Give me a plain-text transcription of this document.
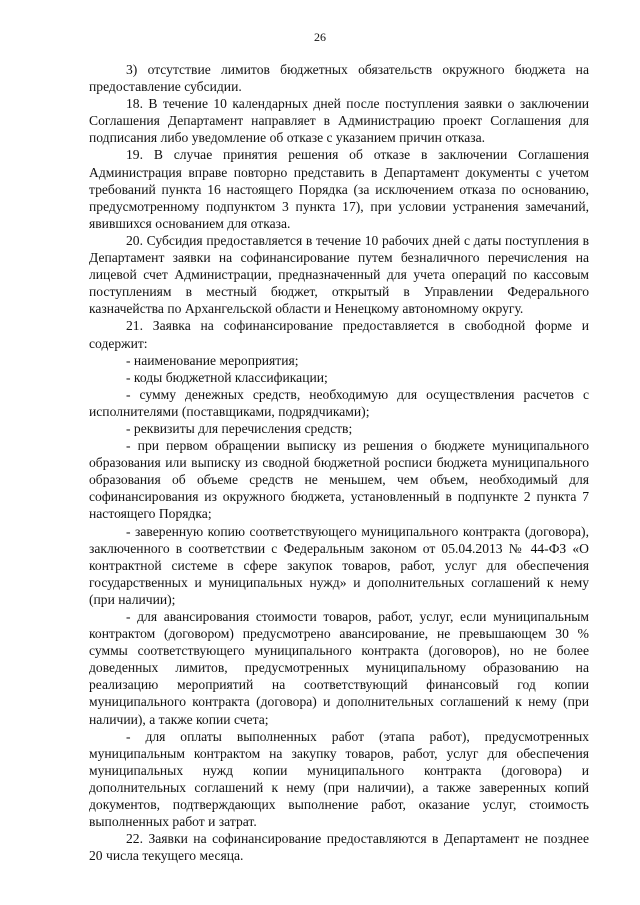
26

3) отсутствие лимитов бюджетных обязательств окружного бюджета на предоставление субсидии.

18. В течение 10 календарных дней после поступления заявки о заключении Соглашения Департамент направляет в Администрацию проект Соглашения для подписания либо уведомление об отказе с указанием причин отказа.

19. В случае принятия решения об отказе в заключении Соглашения Администрация вправе повторно представить в Департамент документы с учетом требований пункта 16 настоящего Порядка (за исключением отказа по основанию, предусмотренному подпунктом 3 пункта 17), при условии устранения замечаний, явившихся основанием для отказа.

20. Субсидия предоставляется в течение 10 рабочих дней с даты поступления в Департамент заявки на софинансирование путем безналичного перечисления на лицевой счет Администрации, предназначенный для учета операций по кассовым поступлениям в местный бюджет, открытый в Управлении Федерального казначейства по Архангельской области и Ненецкому автономному округу.

21. Заявка на софинансирование предоставляется в свободной форме и содержит:

- наименование мероприятия;

- коды бюджетной классификации;

- сумму денежных средств, необходимую для осуществления расчетов с исполнителями (поставщиками, подрядчиками);

- реквизиты для перечисления средств;

- при первом обращении выписку из решения о бюджете муниципального образования или выписку из сводной бюджетной росписи бюджета муниципального образования об объеме средств не меньшем, чем объем, необходимый для софинансирования из окружного бюджета, установленный в подпункте 2 пункта 7 настоящего Порядка;

- заверенную копию соответствующего муниципального контракта (договора), заключенного в соответствии с Федеральным законом от 05.04.2013 № 44-ФЗ «О контрактной системе в сфере закупок товаров, работ, услуг для обеспечения государственных и муниципальных нужд» и дополнительных соглашений к нему (при наличии);

- для авансирования стоимости товаров, работ, услуг, если муниципальным контрактом (договором) предусмотрено авансирование, не превышающем 30 % суммы соответствующего муниципального контракта (договоров), но не более доведенных лимитов, предусмотренных муниципальному образованию на реализацию мероприятий на соответствующий финансовый год копии муниципального контракта (договора) и дополнительных соглашений к нему (при наличии), а также копии счета;

- для оплаты выполненных работ (этапа работ), предусмотренных муниципальным контрактом на закупку товаров, работ, услуг для обеспечения муниципальных нужд копии муниципального контракта (договора) и дополнительных соглашений к нему (при наличии), а также заверенных копий документов, подтверждающих выполнение работ, оказание услуг, стоимость выполненных работ и затрат.

22. Заявки на софинансирование предоставляются в Департамент не позднее 20 числа текущего месяца.
